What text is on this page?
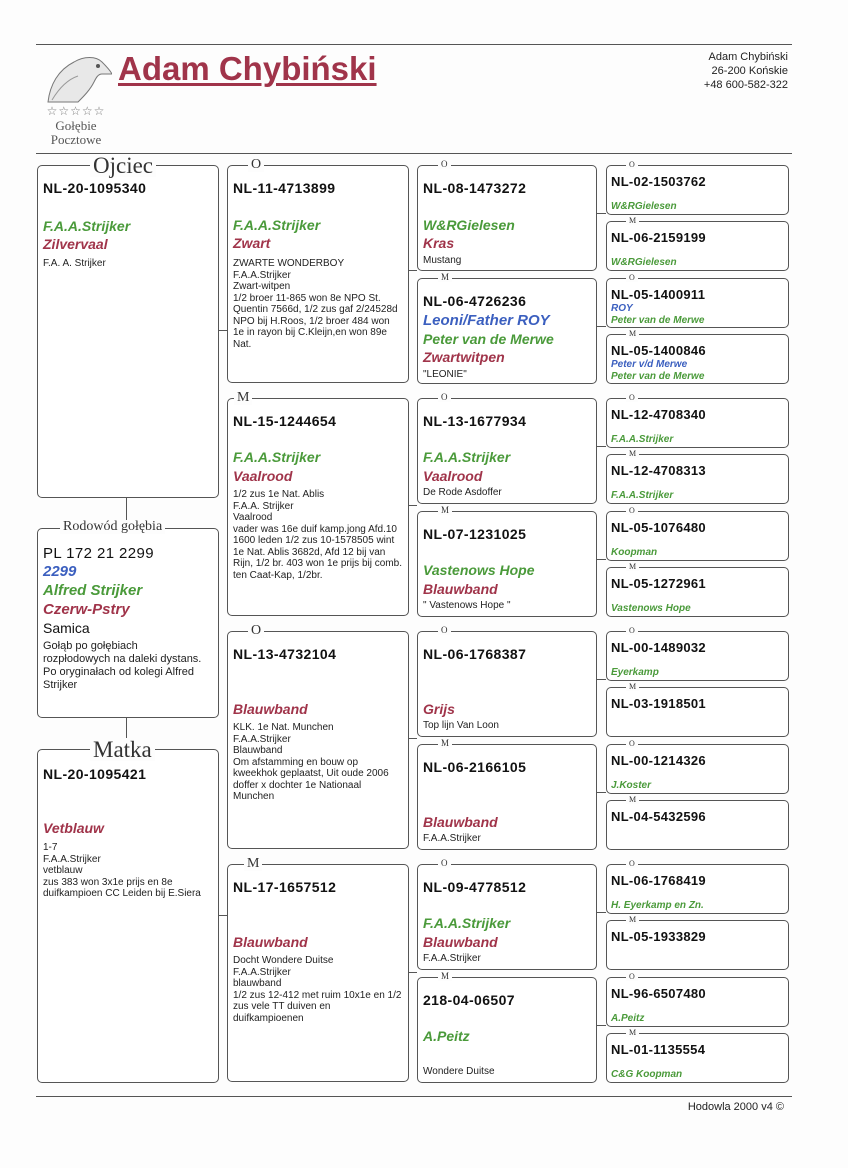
☆☆☆☆☆
Gołębie
Pocztowe
Adam Chybiński	Adam Chybiński
26-200 Końskie
+48 600-582-322
NL-20-1095340
F.A.A.Strijker
Zilvervaal
F.A. A. Strijker
Ojciec
PL 172 21 2299
2299
Alfred Strijker
Czerw-Pstry
Samica
Gołąb po gołębiach rozpłodowych na daleki dystans. Po oryginałach od kolegi Alfred Strijker
Rodowód gołębia
NL-20-1095421
Vetblauw
1-7
F.A.A.Strijker
vetblauw
zus 383 won 3x1e prijs en 8e duifkampioen CC Leiden bij E.Siera
Matka
NL-11-4713899
F.A.A.Strijker
Zwart
ZWARTE WONDERBOY
F.A.A.Strijker
Zwart-witpen
1/2 broer 11-865 won 8e NPO St. Quentin 7566d, 1/2 zus gaf 2/24528d NPO bij H.Roos, 1/2 broer 484 won 1e in rayon bij C.Kleijn,en won 89e Nat.
O
NL-15-1244654
F.A.A.Strijker
Vaalrood
1/2 zus 1e Nat. Ablis
F.A.A. Strijker
Vaalrood
vader was 16e duif kamp.jong Afd.10 1600 leden 1/2 zus 10-1578505 wint 1e Nat. Ablis 3682d, Afd 12 bij van Rijn, 1/2 br. 403 won 1e prijs bij comb. ten Caat-Kap, 1/2br.
M
NL-13-4732104
Blauwband
KLK. 1e Nat. Munchen
F.A.A.Strijker
Blauwband
Om afstamming en bouw op kweekhok geplaatst, Uit oude 2006 doffer x dochter 1e Nationaal Munchen
O
NL-17-1657512
Blauwband
Docht Wondere Duitse
F.A.A.Strijker
blauwband
1/2 zus 12-412 met ruim 10x1e en 1/2 zus vele TT duiven en duifkampioenen
M
NL-08-1473272
W&RGielesen
Kras
Mustang
O
NL-06-4726236
Leoni/Father ROY
Peter van de Merwe
Zwartwitpen
"LEONIE"
M
NL-13-1677934
F.A.A.Strijker
Vaalrood
De Rode Asdoffer
O
NL-07-1231025
Vastenows Hope
Blauwband
" Vastenows Hope "
M
NL-06-1768387
Grijs
Top lijn Van Loon
O
NL-06-2166105
Blauwband
F.A.A.Strijker
M
NL-09-4778512
F.A.A.Strijker
Blauwband
F.A.A.Strijker
O
218-04-06507
A.Peitz
Wondere Duitse
M
NL-02-1503762
W&RGielesen
O
NL-06-2159199
W&RGielesen
M
NL-05-1400911
ROY
Peter van de Merwe
O
NL-05-1400846
Peter v/d Merwe
Peter van de Merwe
M
NL-12-4708340
F.A.A.Strijker
O
NL-12-4708313
F.A.A.Strijker
M
NL-05-1076480
Koopman
O
NL-05-1272961
Vastenows Hope
M
NL-00-1489032
Eyerkamp
O
NL-03-1918501
M
NL-00-1214326
J.Koster
O
NL-04-5432596
M
NL-06-1768419
H. Eyerkamp en Zn.
O
NL-05-1933829
M
NL-96-6507480
A.Peitz
O
NL-01-1135554
C&G Koopman
M
Hodowla 2000 v4 ©
